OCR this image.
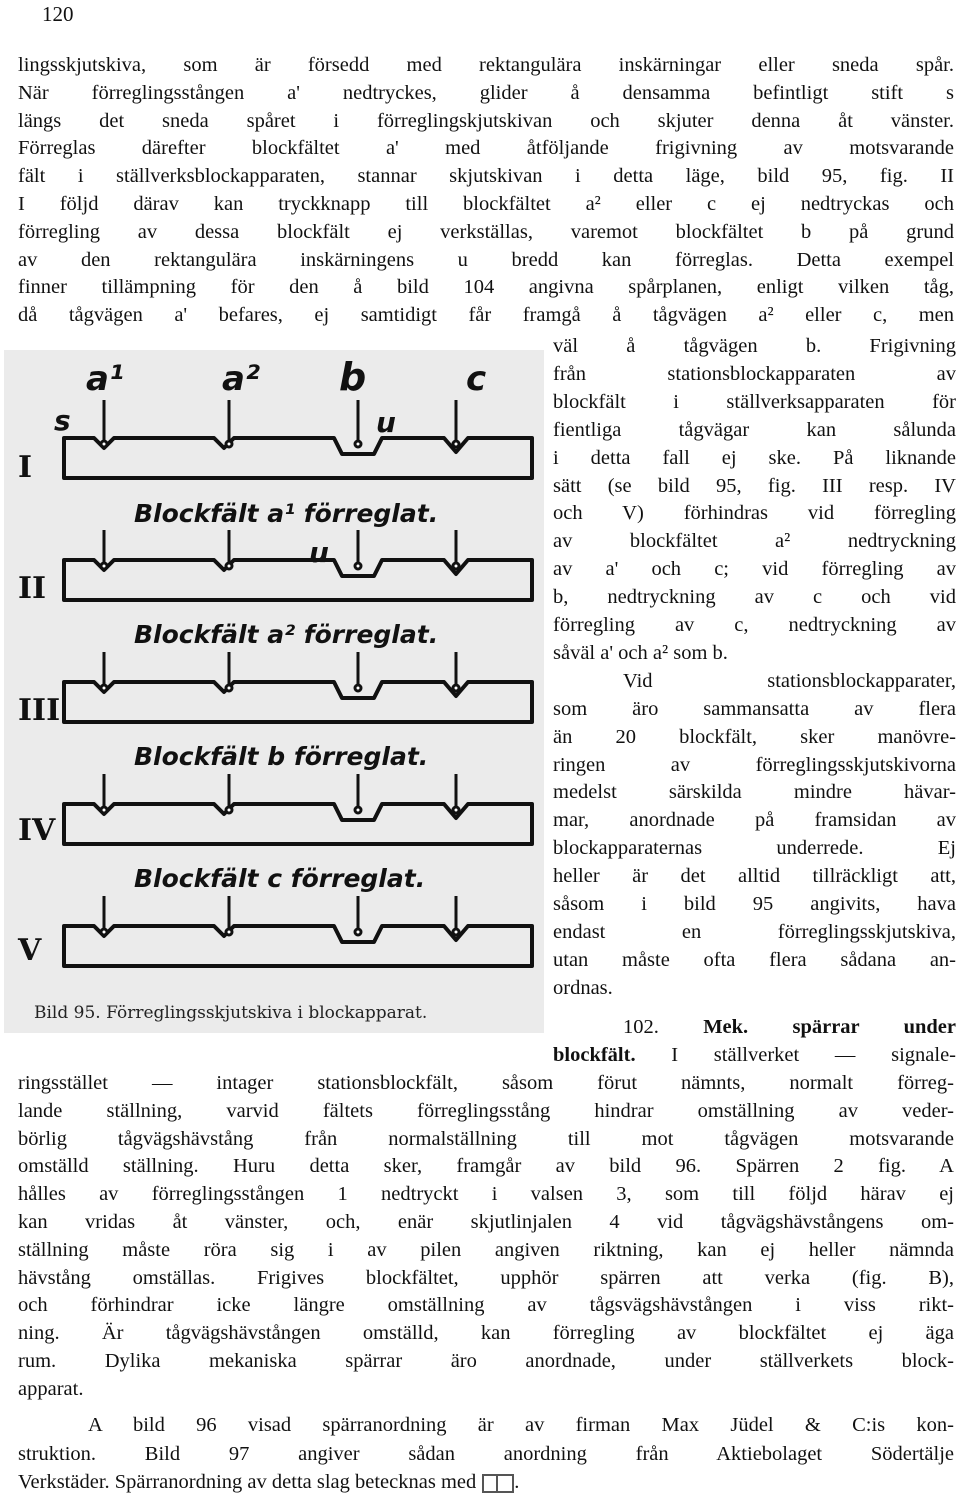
120
lingsskjutskiva, som är försedd med rektangulära inskärningar eller sneda spår.
När förreglingsstången a' nedtryckes, glider å densamma befintligt stift s
längs det sneda spåret i förreglingskjutskivan och skjuter denna åt vänster.
Förreglas därefter blockfältet a' med åtföljande frigivning av motsvarande
fält i ställverksblockapparaten, stannar skjutskivan i detta läge, bild 95, fig. II
I följd därav kan tryckknapp till blockfältet a² eller c ej nedtryckas och
förregling av dessa blockfält ej verkställas, varemot blockfältet b på grund
av den rektangulära inskärningens u bredd kan förreglas. Detta exempel
finner tillämpning för den å bild 104 angivna spårplanen, enligt vilken tåg,
då tågvägen a' befares, ej samtidigt får framgå å tågvägen a² eller c, men
a¹	a² b	c
s	u
u
I
II
III
IV
V
Blockfält a¹ förreglat.
Blockfält a² förreglat.
Blockfält b förreglat.
Blockfält c förreglat.
Bild 95. Förreglingsskjutskiva i blockapparat.
väl å tågvägen b. Frigivning
från stationsblockapparaten av
blockfält i ställverksapparaten för
fientliga tågvägar kan sålunda
i detta fall ej ske. På liknande
sätt (se bild 95, fig. III resp. IV
och V) förhindras vid förregling
av blockfältet a² nedtryckning
av a' och c; vid förregling av
b, nedtryckning av c och vid
förregling av c, nedtryckning av
såväl a' och a² som b.
Vid stationsblockapparater,
som äro sammansatta av flera
än 20 blockfält, sker manövre-
ringen av förreglingsskjutskivorna
medelst särskilda mindre hävar-
mar, anordnade på framsidan av
blockapparaternas underrede. Ej
heller är det alltid tillräckligt att,
såsom i bild 95 angivits, hava
endast en förreglingsskjutskiva,
utan måste ofta flera sådana an-
ordnas.
102. Mek. spärrar under
blockfält. I ställverket — signale-
ringsstället — intager stationsblockfält, såsom förut nämnts, normalt förreg-
lande ställning, varvid fältets förreglingsstång hindrar omställning av veder-
börlig tågvägshävstång från normalställning till mot tågvägen motsvarande
omställd ställning. Huru detta sker, framgår av bild 96. Spärren 2 fig. A
hålles av förreglingsstången 1 nedtryckt i valsen 3, som till följd härav ej
kan vridas åt vänster, och, enär skjutlinjalen 4 vid tågvägshävstångens om-
ställning måste röra sig i av pilen angiven riktning, kan ej heller nämnda
hävstång omställas. Frigives blockfältet, upphör spärren att verka (fig. B),
och förhindrar icke längre omställning av tågsvägshävstången i viss rikt-
ning. Är tågvägshävstången omställd, kan förregling av blockfältet ej äga
rum. Dylika mekaniska spärrar äro anordnade, under ställverkets block-
apparat.
A bild 96 visad spärranordning är av firman Max Jüdel & C:is kon-
struktion. Bild 97 angiver sådan anordning från Aktiebolaget Södertälje
Verkstäder. Spärranordning av detta slag betecknas med .
